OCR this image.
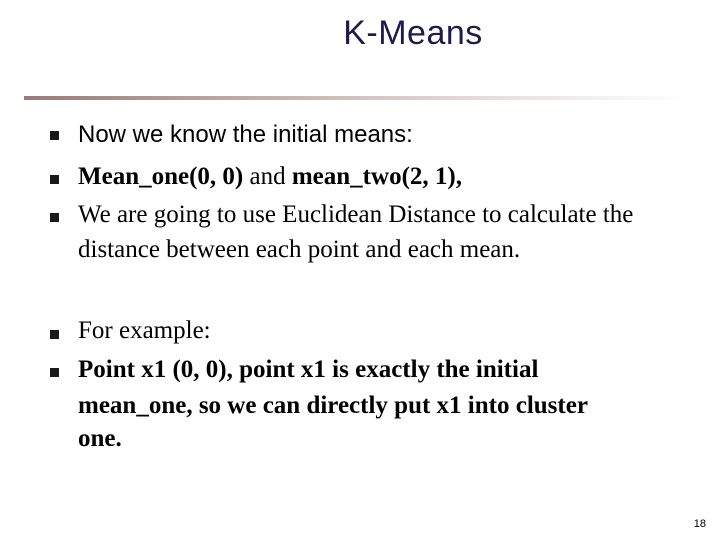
K-Means
Now we know the initial means:
Mean_one(0, 0) and mean_two(2, 1),
We are going to use Euclidean Distance to calculate the
distance between each point and each mean.
For example:
Point x1 (0, 0), point x1 is exactly the initial
mean_one, so we can directly put x1 into cluster
one.
18
